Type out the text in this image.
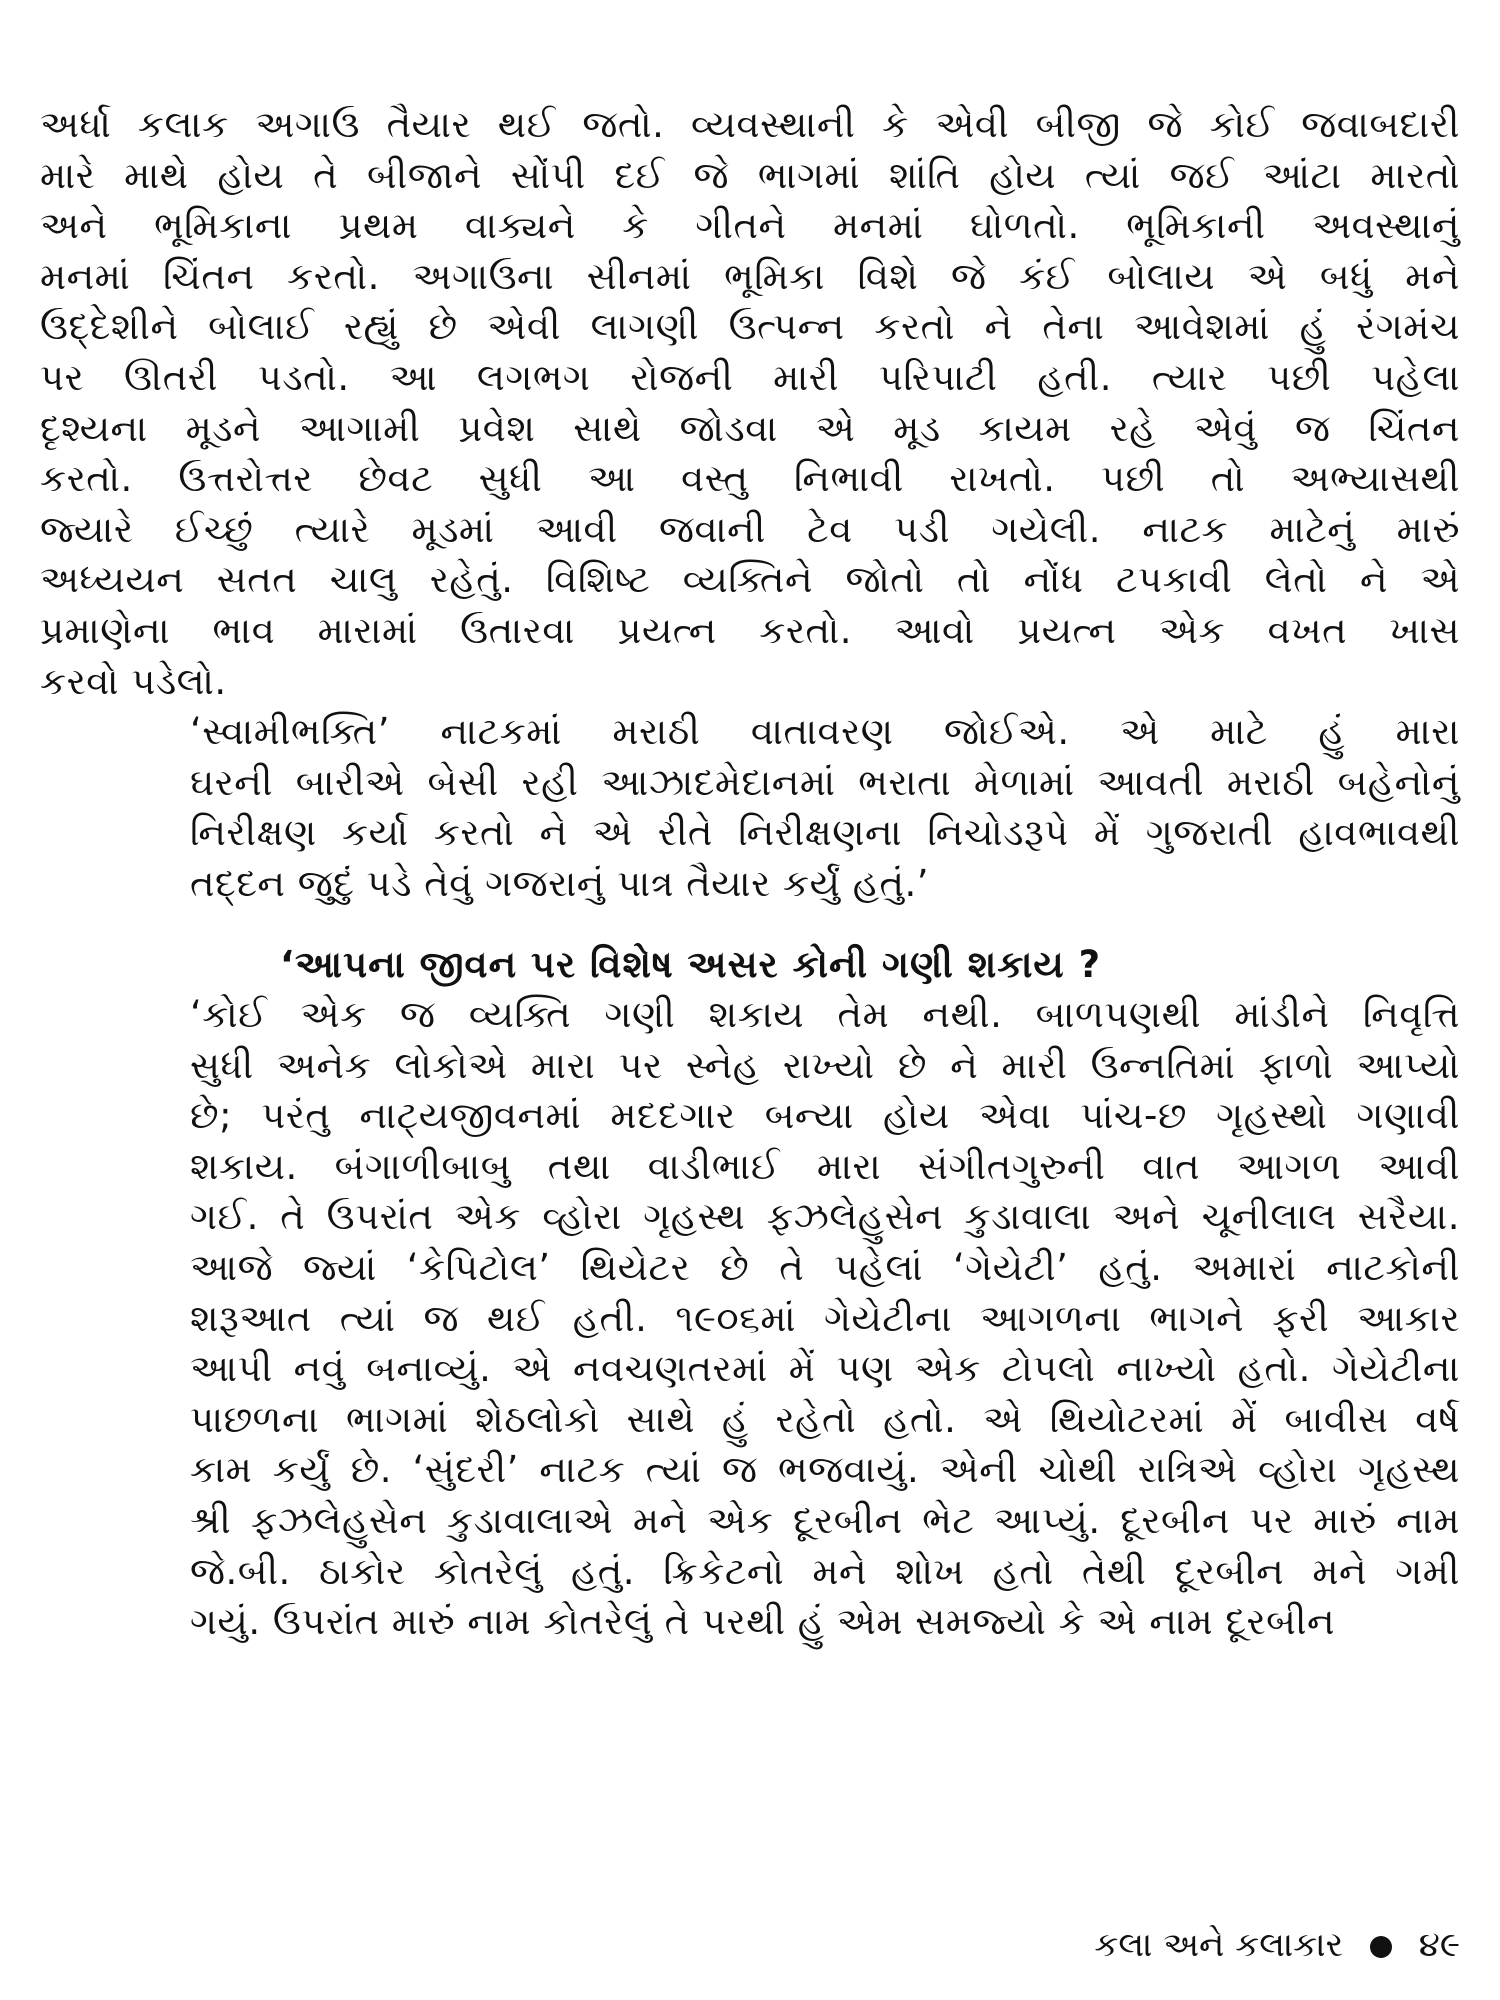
અર્ધા કલાક અગાઉ તૈયાર થઈ જતો. વ્યવસ્થાની કે એવી બીજી જે કોઈ જવાબદારી
મારે માથે હોય તે બીજાને સોંપી દઈ જે ભાગમાં શાંતિ હોય ત્યાં જઈ આંટા મારતો
અને ભૂમિકાના પ્રથમ વાક્યને કે ગીતને મનમાં ઘોળતો. ભૂમિકાની અવસ્થાનું
મનમાં ચિંતન કરતો. અગાઉના સીનમાં ભૂમિકા વિશે જે કંઈ બોલાય એ બધું મને
ઉદ્દેશીને બોલાઈ રહ્યું છે એવી લાગણી ઉત્પન્ન કરતો ને તેના આવેશમાં હું રંગમંચ
પર ઊતરી પડતો. આ લગભગ રોજની મારી પરિપાટી હતી. ત્યાર પછી પહેલા
દૃશ્યના મૂડને આગામી પ્રવેશ સાથે જોડવા એ મૂડ કાયમ રહે એવું જ ચિંતન
કરતો. ઉત્તરોત્તર છેવટ સુધી આ વસ્તુ નિભાવી રાખતો. પછી તો અભ્યાસથી
જ્યારે ઈચ્છું ત્યારે મૂડમાં આવી જવાની ટેવ પડી ગયેલી. નાટક માટેનું મારું
અધ્યયન સતત ચાલુ રહેતું. વિશિષ્ટ વ્યક્તિને જોતો તો નોંધ ટપકાવી લેતો ને એ
પ્રમાણેના ભાવ મારામાં ઉતારવા પ્રયત્ન કરતો. આવો પ્રયત્ન એક વખત ખાસ
કરવો પડેલો.

‘સ્વામીભક્તિ’ નાટકમાં મરાઠી વાતાવરણ જોઈએ. એ માટે હું મારા
ઘરની બારીએ બેસી રહી આઝાદમેદાનમાં ભરાતા મેળામાં આવતી મરાઠી બહેનોનું
નિરીક્ષણ કર્યા કરતો ને એ રીતે નિરીક્ષણના નિચોડરૂપે મેં ગુજરાતી હાવભાવથી
તદ્દન જુદું પડે તેવું ગજરાનું પાત્ર તૈયાર કર્યું હતું.’

‘આપના જીવન પર વિશેષ અસર કોની ગણી શકાય ?

‘કોઈ એક જ વ્યક્તિ ગણી શકાય તેમ નથી. બાળપણથી માંડીને નિવૃત્તિ
સુધી અનેક લોકોએ મારા પર સ્નેહ રાખ્યો છે ને મારી ઉન્નતિમાં ફાળો આપ્યો
છે; પરંતુ નાટ્યજીવનમાં મદદગાર બન્યા હોય એવા પાંચ-છ ગૃહસ્થો ગણાવી
શકાય. બંગાળીબાબુ તથા વાડીભાઈ મારા સંગીતગુરુની વાત આગળ આવી
ગઈ. તે ઉપરાંત એક વ્હોરા ગૃહસ્થ ફઝલેહુસેન કુડાવાલા અને ચૂનીલાલ સરૈયા.
આજે જ્યાં ‘કેપિટોલ’ થિયેટર છે તે પહેલાં ‘ગેયેટી’ હતું. અમારાં નાટકોની
શરૂઆત ત્યાં જ થઈ હતી. ૧૯૦૬માં ગેયેટીના આગળના ભાગને ફરી આકાર
આપી નવું બનાવ્યું. એ નવચણતરમાં મેં પણ એક ટોપલો નાખ્યો હતો. ગેયેટીના
પાછળના ભાગમાં શેઠલોકો સાથે હું રહેતો હતો. એ થિયોટરમાં મેં બાવીસ વર્ષ
કામ કર્યું છે. ‘સુંદરી’ નાટક ત્યાં જ ભજવાયું. એની ચોથી રાત્રિએ વ્હોરા ગૃહસ્થ
શ્રી ફઝલેહુસેન કુડાવાલાએ મને એક દૂરબીન ભેટ આપ્યું. દૂરબીન પર મારું નામ
જે.બી. ઠાકોર કોતરેલું હતું. ક્રિકેટનો મને શોખ હતો તેથી દૂરબીન મને ગમી
ગયું. ઉપરાંત મારું નામ કોતરેલું તે પરથી હું એમ સમજ્યો કે એ નામ દૂરબીન

કલા અને કલાકાર ૪૯
